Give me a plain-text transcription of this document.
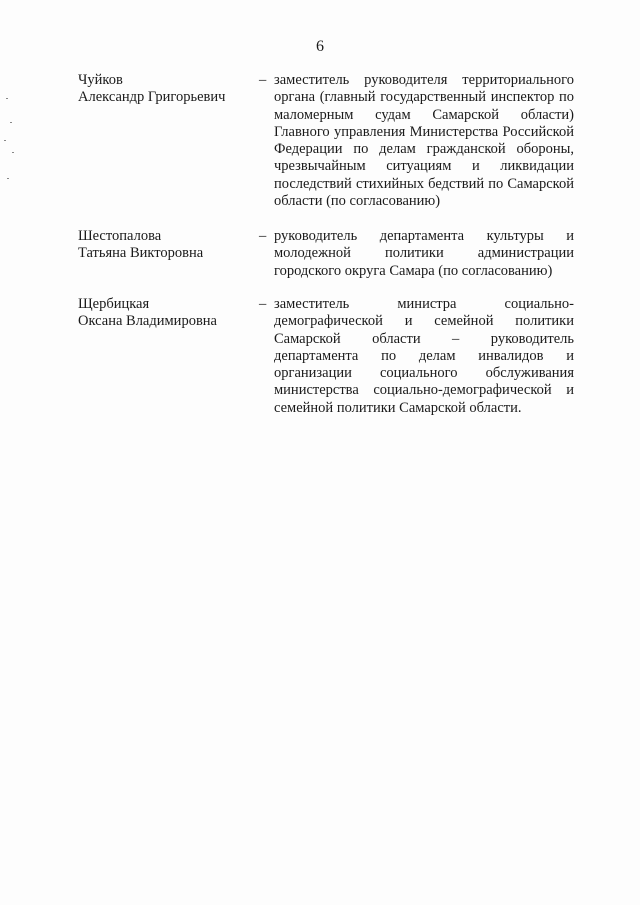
6
Чуйков
Александр Григорьевич
– заместитель руководителя территориального органа (главный государственный инспектор по маломерным судам Самарской области) Главного управления Министерства Российской Федерации по делам гражданской обороны, чрезвычайным ситуациям и ликвидации последствий стихийных бедствий по Самарской области (по согласованию)
Шестопалова
Татьяна Викторовна
– руководитель департамента культуры и молодежной политики администрации городского округа Самара (по согласованию)
Щербицкая
Оксана Владимировна
– заместитель министра социально-демографической и семейной политики Самарской области – руководитель департамента по делам инвалидов и организации социального обслуживания министерства социально-демографической и семейной политики Самарской области.
